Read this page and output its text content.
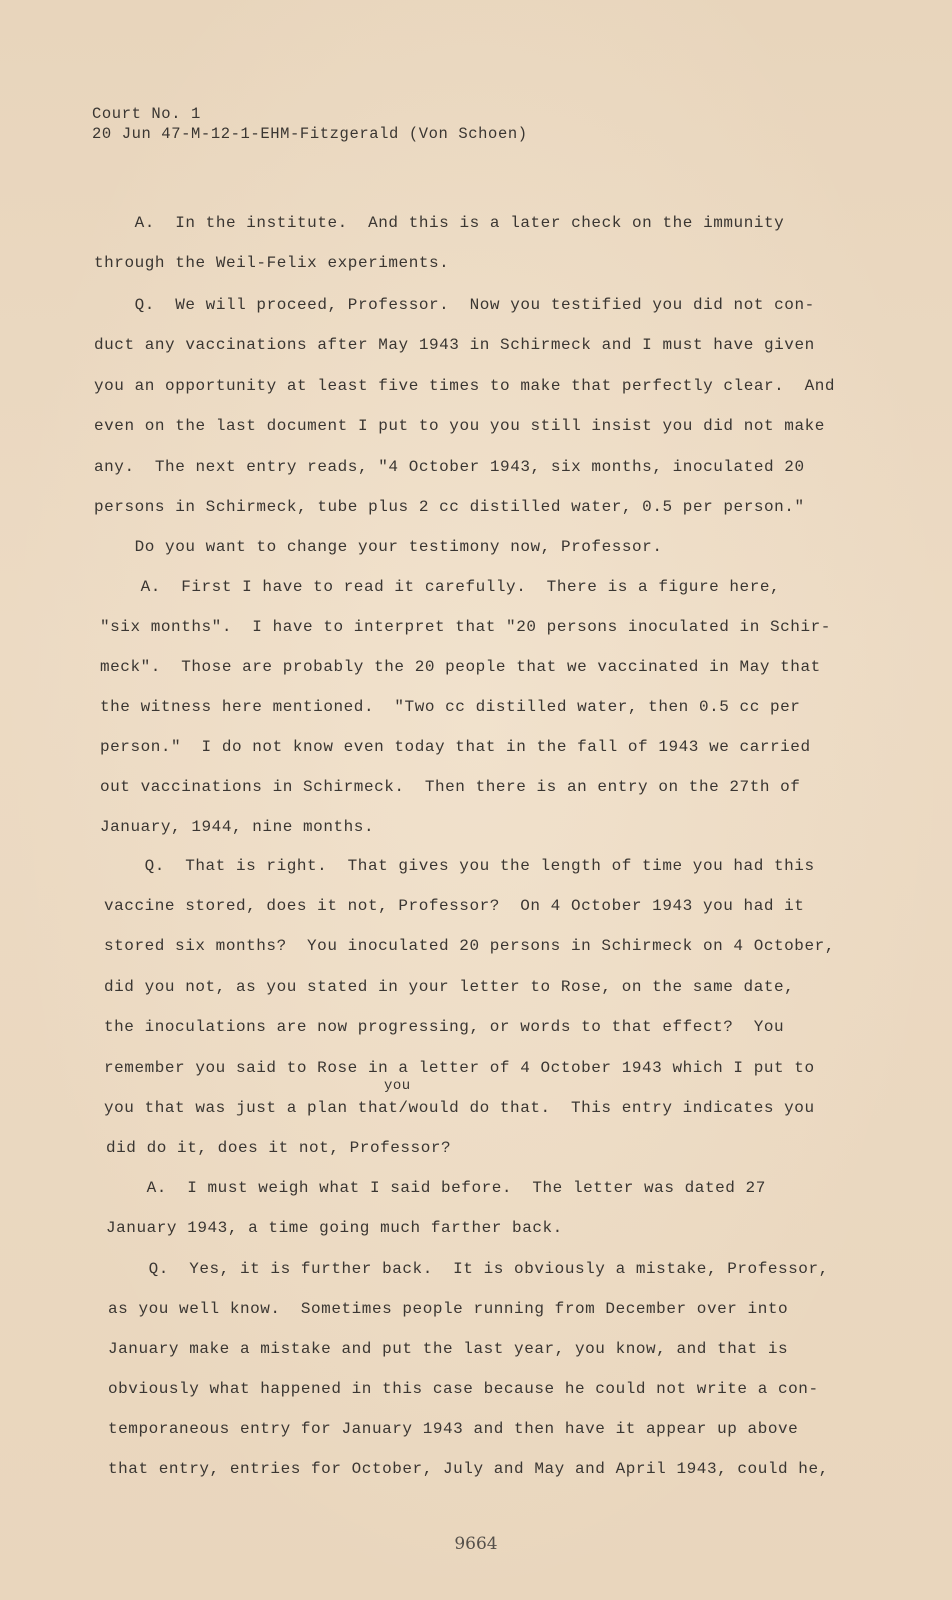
Court No. 1
20 Jun 47-M-12-1-EHM-Fitzgerald (Von Schoen)
A.  In the institute.  And this is a later check on the immunity
through the Weil-Felix experiments.
Q.  We will proceed, Professor.  Now you testified you did not con-
duct any vaccinations after May 1943 in Schirmeck and I must have given
you an opportunity at least five times to make that perfectly clear.  And
even on the last document I put to you you still insist you did not make
any.  The next entry reads, "4 October 1943, six months, inoculated 20
persons in Schirmeck, tube plus 2 cc distilled water, 0.5 per person."
Do you want to change your testimony now, Professor.
A.  First I have to read it carefully.  There is a figure here,
"six months".  I have to interpret that "20 persons inoculated in Schir-
meck".  Those are probably the 20 people that we vaccinated in May that
the witness here mentioned.  "Two cc distilled water, then 0.5 cc per
person."  I do not know even today that in the fall of 1943 we carried
out vaccinations in Schirmeck.  Then there is an entry on the 27th of
January, 1944, nine months.
Q.  That is right.  That gives you the length of time you had this
vaccine stored, does it not, Professor?  On 4 October 1943 you had it
stored six months?  You inoculated 20 persons in Schirmeck on 4 October,
did you not, as you stated in your letter to Rose, on the same date,
the inoculations are now progressing, or words to that effect?  You
remember you said to Rose in a letter of 4 October 1943 which I put to
you
you that was just a plan that/would do that.  This entry indicates you
did do it, does it not, Professor?
A.  I must weigh what I said before.  The letter was dated 27
January 1943, a time going much farther back.
Q.  Yes, it is further back.  It is obviously a mistake, Professor,
as you well know.  Sometimes people running from December over into
January make a mistake and put the last year, you know, and that is
obviously what happened in this case because he could not write a con-
temporaneous entry for January 1943 and then have it appear up above
that entry, entries for October, July and May and April 1943, could he,
9664
